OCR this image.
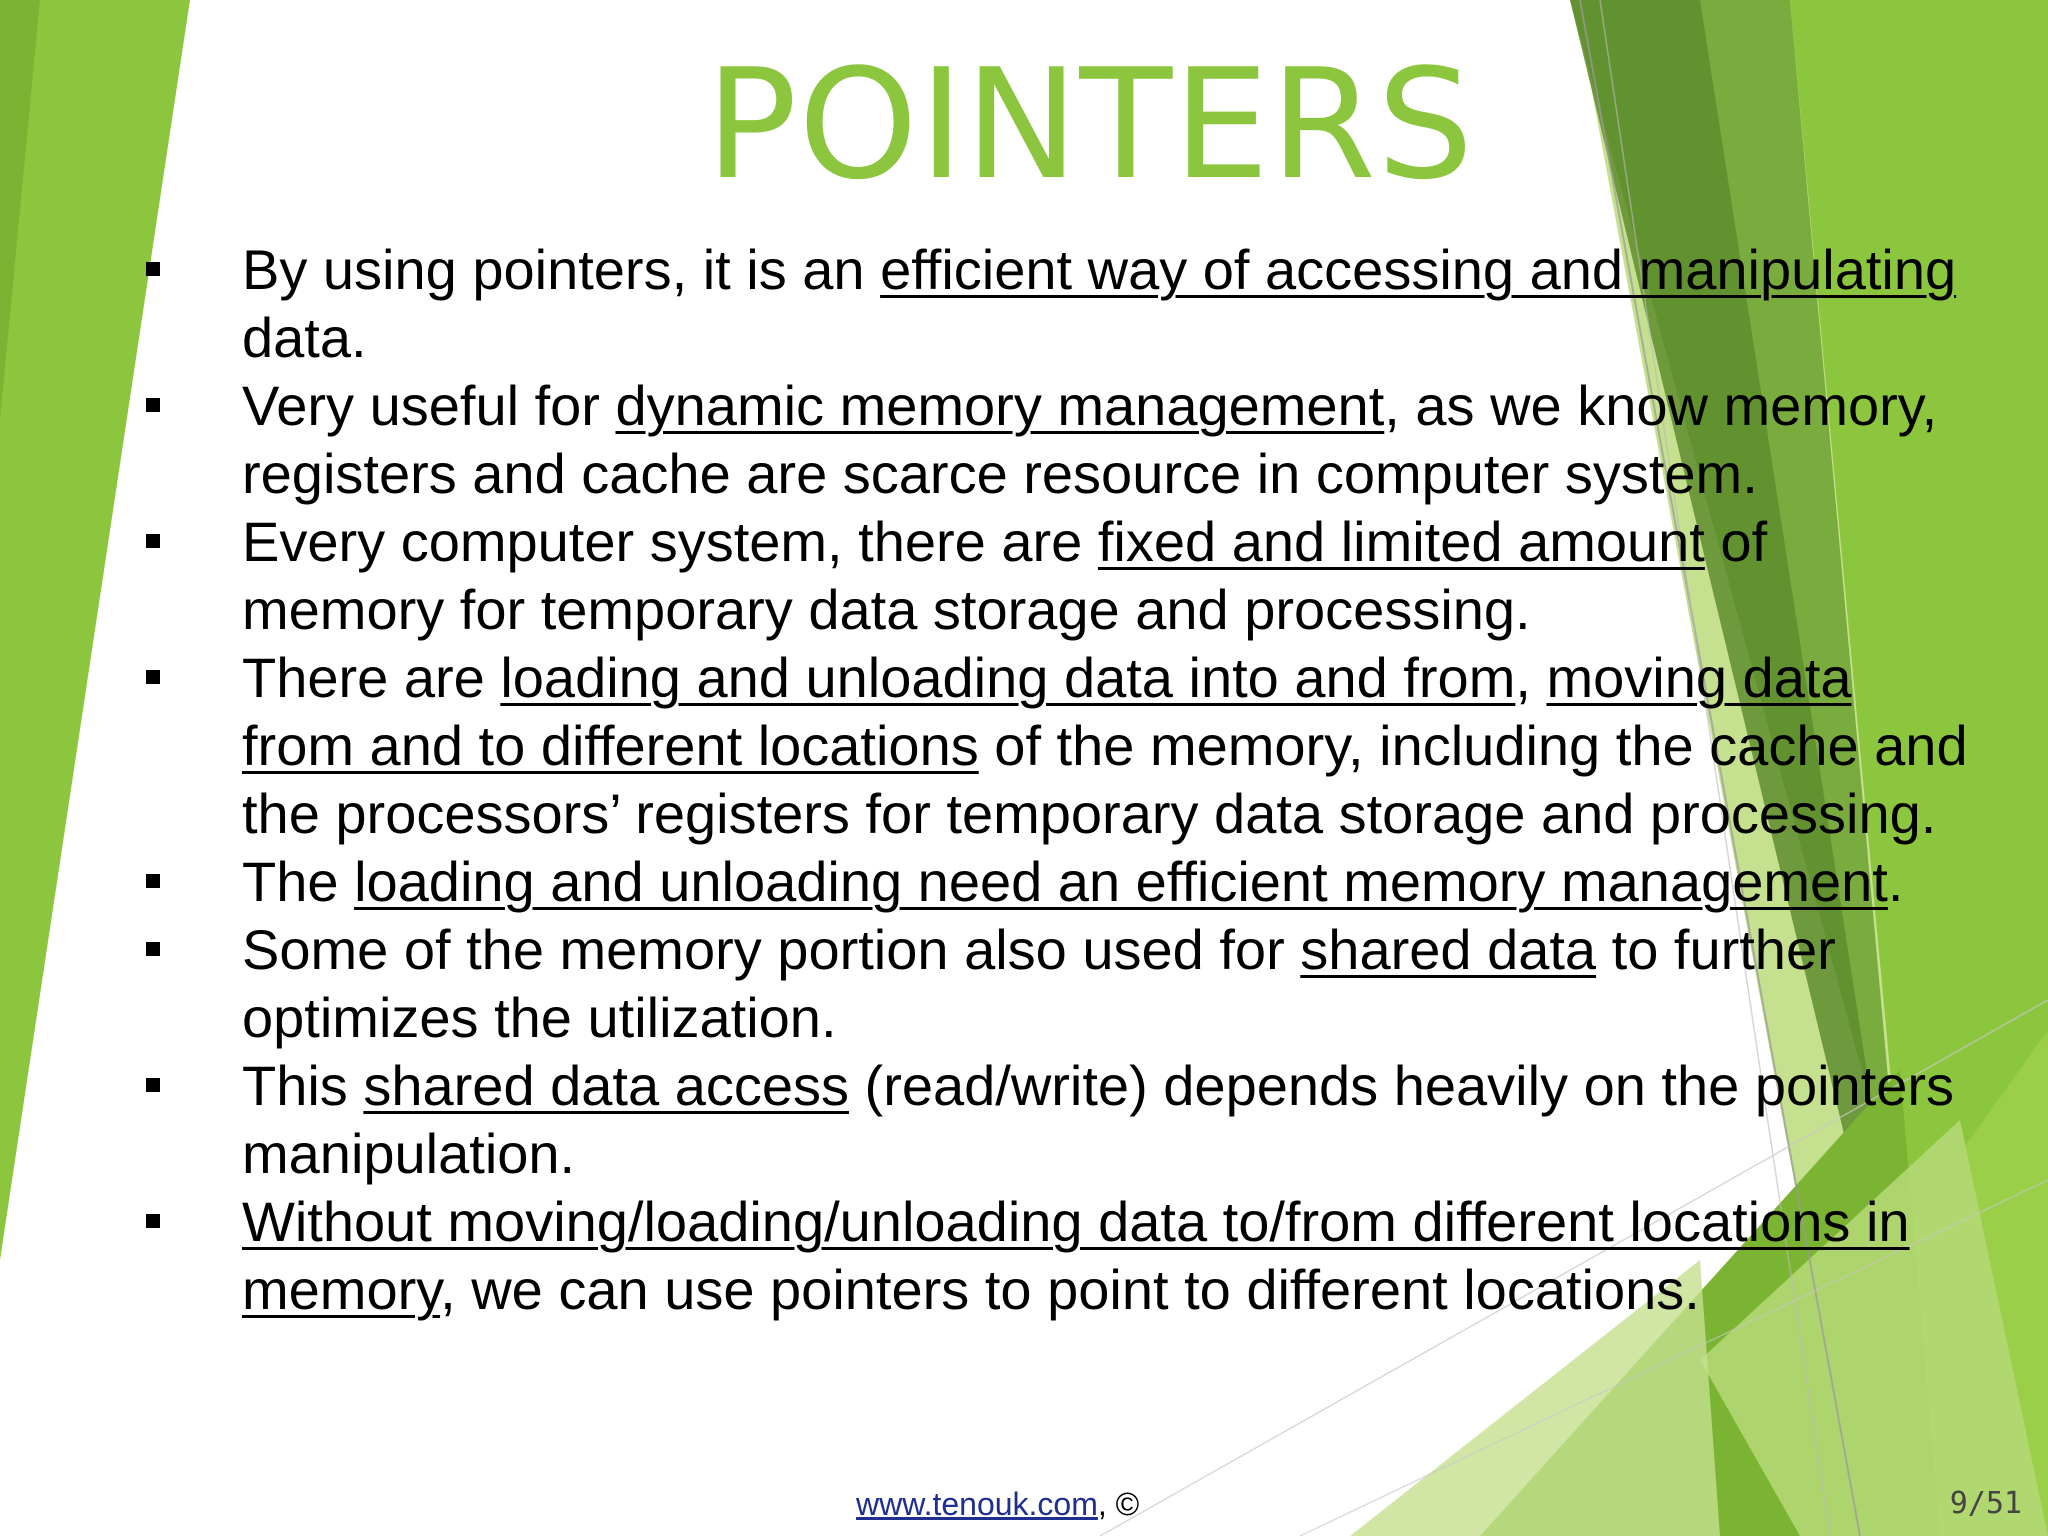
POINTERS
By using pointers, it is an efficient way of accessing and manipulating data.
Very useful for dynamic memory management, as we know memory, registers and cache are scarce resource in computer system.
Every computer system, there are fixed and limited amount of memory for temporary data storage and processing.
There are loading and unloading data into and from, moving data from and to different locations of the memory, including the cache and the processors’ registers for temporary data storage and processing.
The loading and unloading need an efficient memory management.
Some of the memory portion also used for shared data to further optimizes the utilization.
This shared data access (read/write) depends heavily on the pointers manipulation.
Without moving/loading/unloading data to/from different locations in memory, we can use pointers to point to different locations.
www.tenouk.com, ©	9/51
